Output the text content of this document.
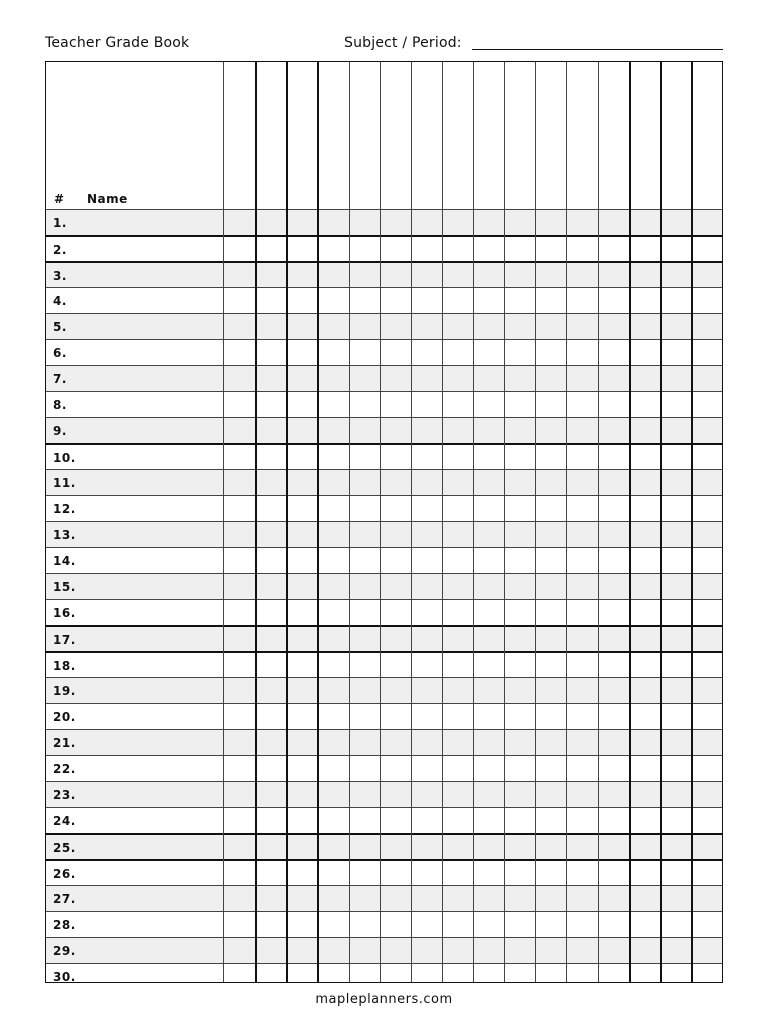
Teacher Grade Book	Subject / Period:
# Name
1.
2.
3.
4.
5.
6.
7.
8.
9.
10.
11.
12.
13.
14.
15.
16.
17.
18.
19.
20.
21.
22.
23.
24.
25.
26.
27.
28.
29.
30.
mapleplanners.com
